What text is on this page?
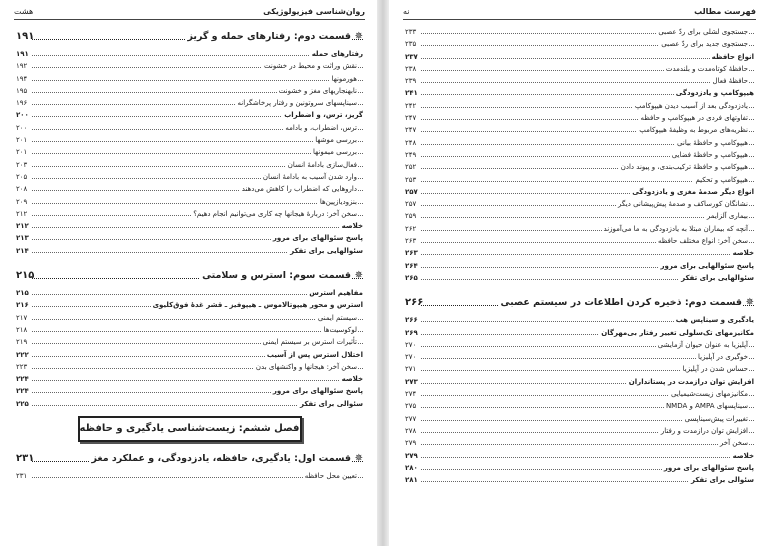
روان‌شناسی فیزیولوژیکی
هشت
✵
قسمت دوم: رفتارهای حمله و گریز
۱۹۱
رفتارهای حمله
۱۹۱
نقش وراثت و محیط در خشونت
۱۹۲
هورمونها
۱۹۴
نابهنجاریهای مغز و خشونت
۱۹۵
سیناپسهای سروتونین و رفتار پرخاشگرانه
۱۹۶
گریز، ترس، و اضطراب
۲۰۰
ترس، اضطراب، و بادامه
۲۰۰
بررسی موشها
۲۰۱
بررسی میمونها
۲۰۱
فعال‌سازی بادامهٔ انسان
۲۰۳
وارد شدن آسیب به بادامهٔ انسان
۲۰۵
داروهایی که اضطراب را کاهش می‌دهند
۲۰۸
بنزودیازپین‌ها
۲۰۹
سخن آخر: دربارهٔ هیجانها چه کاری می‌توانیم انجام دهیم؟
۲۱۲
خلاصه
۲۱۲
پاسخ سئوالهای برای مرور
۲۱۳
سئوالهایی برای تفکر
۲۱۴
✵
قسمت سوم: استرس و سلامتی
۲۱۵
مفاهیم استرس
۲۱۵
استرس و محور هیپوتالاموس ـ هیپوفیز ـ قشر غدهٔ فوق‌کلیوی
۲۱۶
سیستم ایمنی
۲۱۷
لوکوسیت‌ها
۲۱۸
تأثیرات استرس بر سیستم ایمنی
۲۱۹
اختلال استرس پس از آسیب
۲۲۲
سخن آخر: هیجانها و واکنشهای بدن
۲۲۳
خلاصه
۲۲۴
پاسخ سئوالهای برای مرور
۲۲۴
سئوالی برای تفکر
۲۲۵
فصل ششم: زیست‌شناسی یادگیری و حافظه
✵
قسمت اول: یادگیری، حافظه، یادزدودگی، و عملکرد مغز
۲۳۱
تعیین محل حافظه
۲۳۱
فهرست مطالب
نه
جستجوی لشلی برای ردّ عصبی
۲۳۳
جستجوی جدید برای ردّ عصبی
۲۳۵
انواع حافظه
۲۳۷
حافظهٔ کوتاه‌مدت و بلندمدت
۲۳۸
حافظهٔ فعال
۲۳۹
هیپوکامپ و یادزدودگی
۲۴۱
یادزدودگی بعد از آسیب دیدن هیپوکامپ
۲۴۲
تفاوتهای فردی در هیپوکامپ و حافظه
۲۴۷
نظریه‌های مربوط به وظیفهٔ هیپوکامپ
۲۴۷
هیپوکامپ و حافظهٔ بیانی
۲۴۸
هیپوکامپ و حافظهٔ فضایی
۲۴۹
هیپوکامپ و حافظهٔ ترکیب‌بندی، و پیوند دادن
۲۵۲
هیپوکامپ و تحکیم
۲۵۳
انواع دیگر صدمهٔ مغزی و یادزدودگی
۲۵۷
نشانگان کورساکف و صدمهٔ پیش‌پیشانی دیگر
۲۵۷
بیماری آلزایمر
۲۵۹
آنچه که بیماران مبتلا به یادزدودگی به ما می‌آموزند
۲۶۲
سخن آخر: انواع مختلف حافظه
۲۶۳
خلاصه
۲۶۳
پاسخ سئوالهایی برای مرور
۲۶۴
سئوالهایی برای تفکر
۲۶۵
✵
قسمت دوم: ذخیره کردن اطلاعات در سیستم عصبی
۲۶۶
یادگیری و سیناپس هب
۲۶۶
مکانیزمهای تک‌سلولی تغییر رفتار بی‌مهرگان
۲۶۹
آپلیزیا به عنوان حیوان آزمایشی
۲۷۰
خوگیری در آپلیزیا
۲۷۰
حساس شدن در آپلیزیا
۲۷۱
افزایش توان درازمدت در پستانداران
۲۷۳
مکانیزمهای زیست‌شیمیایی
۲۷۴
سیناپسهای AMPA و NMDA
۲۷۵
تغییرات پیش‌سیناپسی
۲۷۷
افزایش توان درازمدت و رفتار
۲۷۸
سخن آخر
۲۷۹
خلاصه
۲۷۹
پاسخ سئوالهای برای مرور
۲۸۰
سئوالی برای تفکر
۲۸۱
